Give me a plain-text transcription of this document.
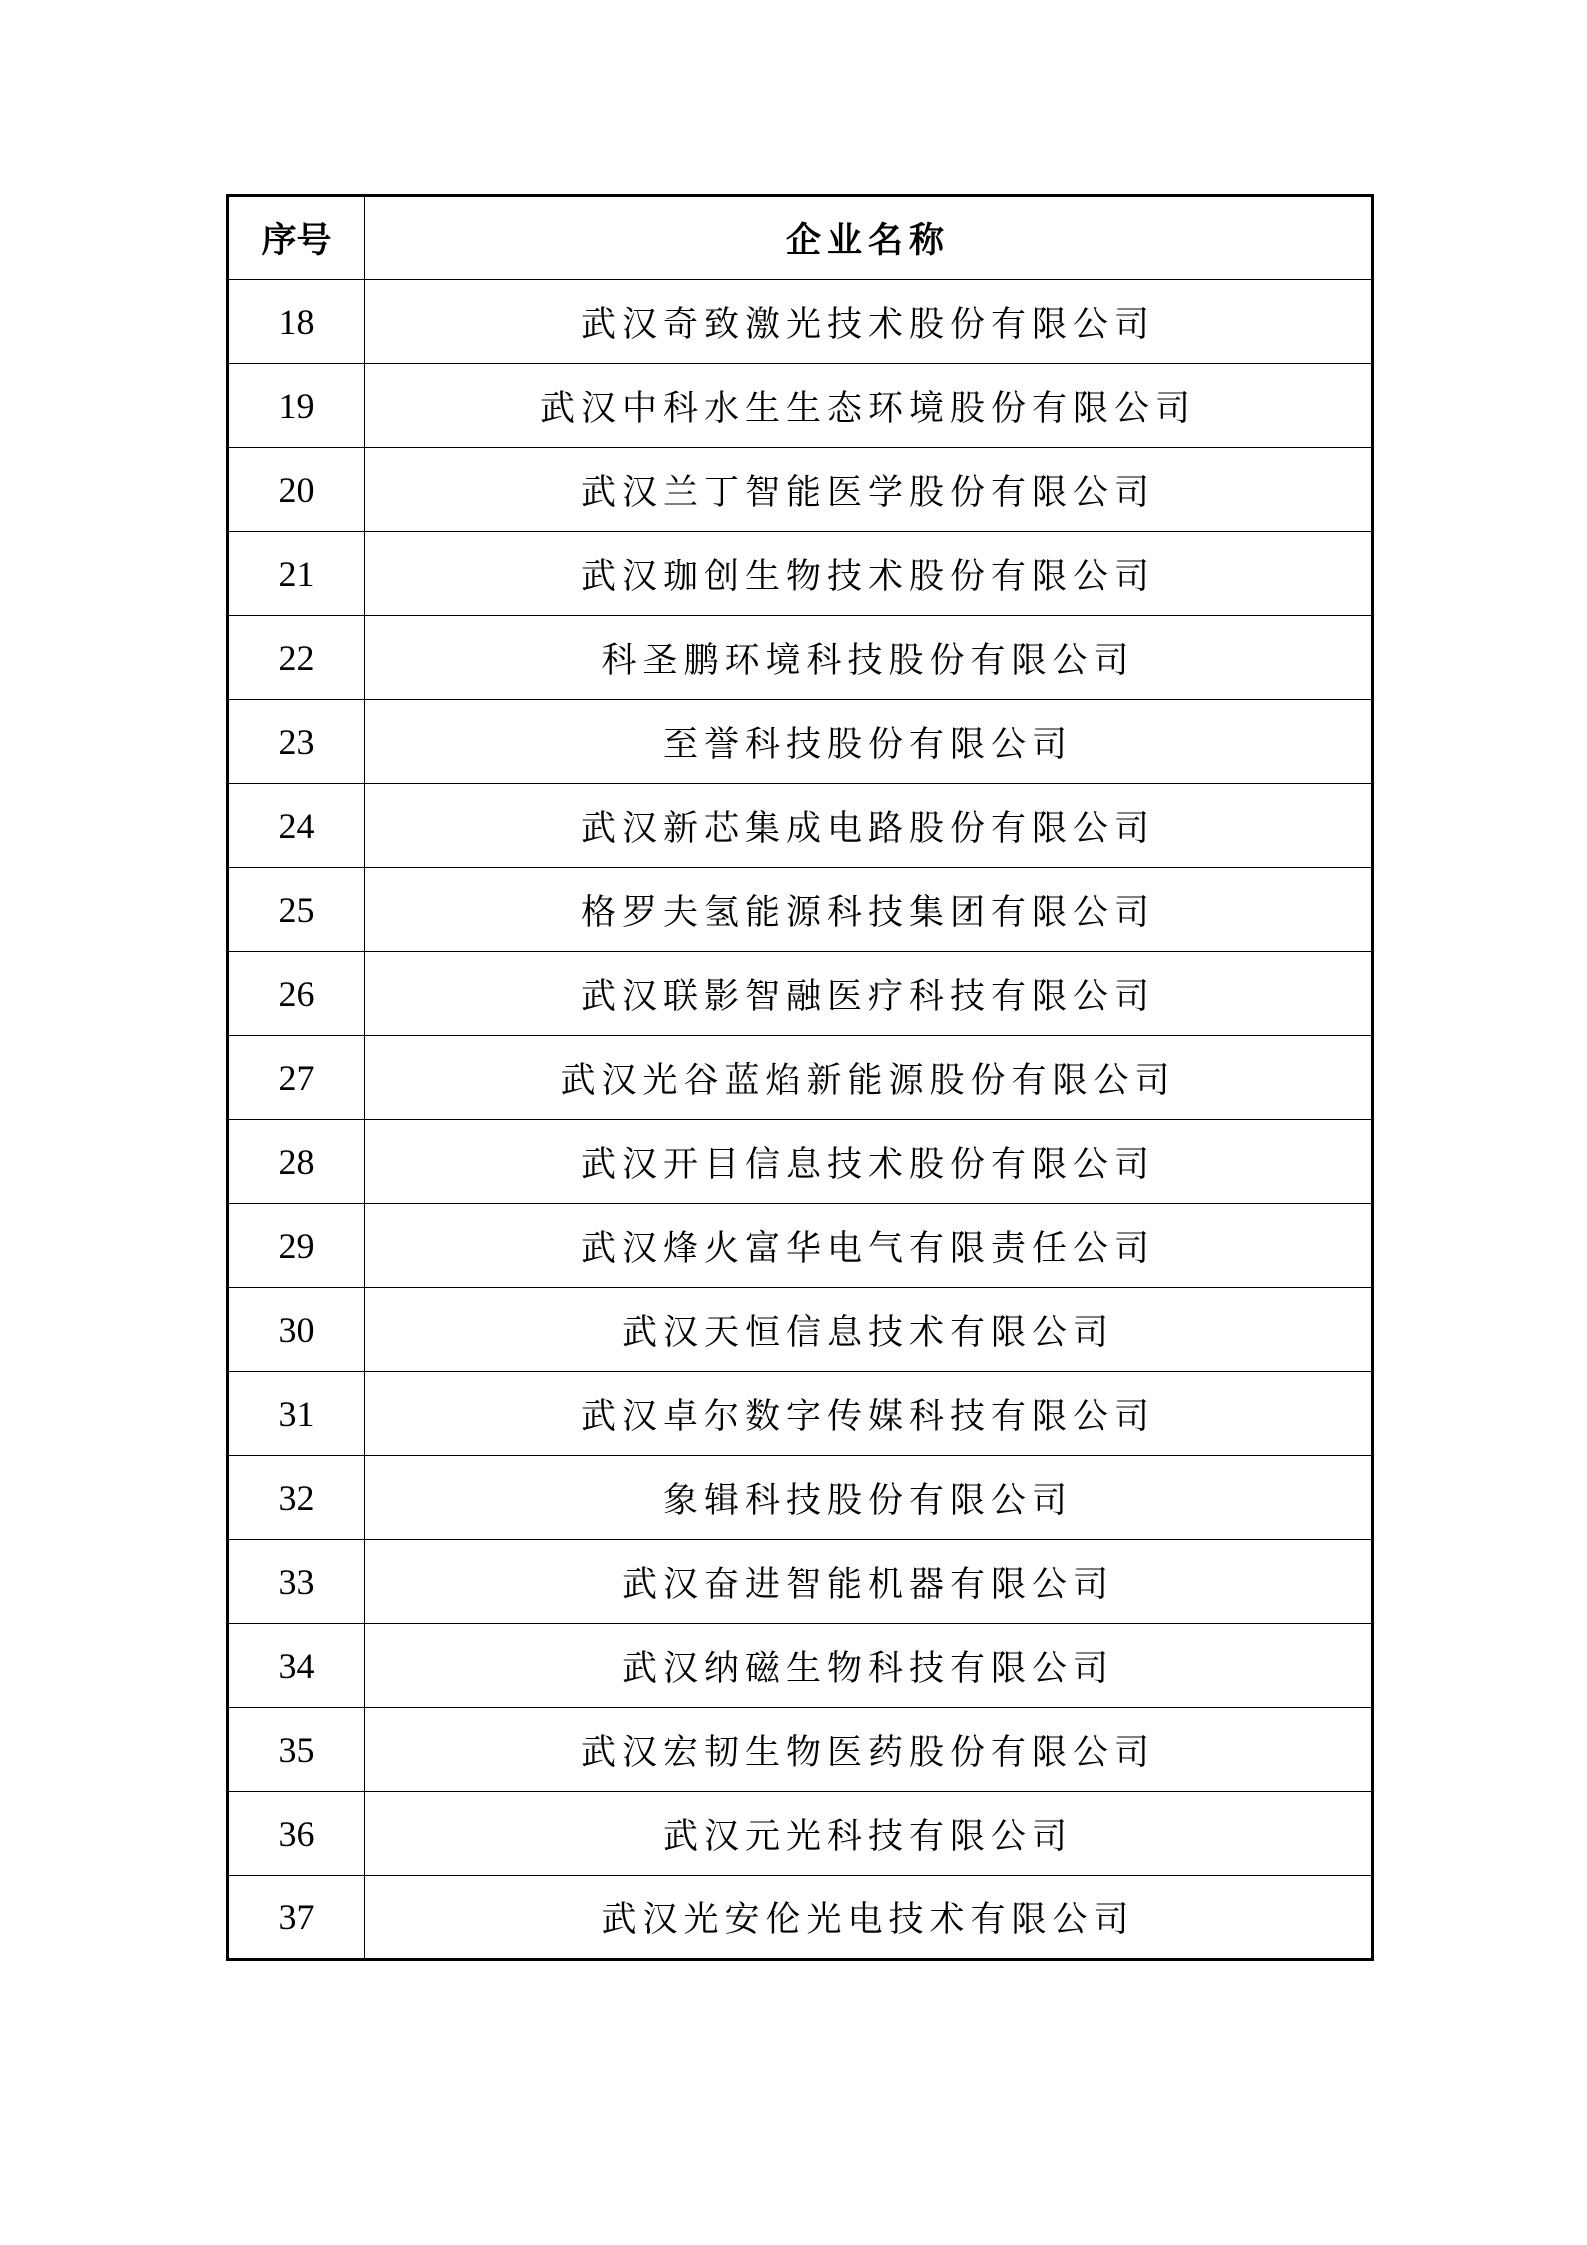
序号	企业名称
18	武汉奇致激光技术股份有限公司
19	武汉中科水生生态环境股份有限公司
20	武汉兰丁智能医学股份有限公司
21	武汉珈创生物技术股份有限公司
22	科圣鹏环境科技股份有限公司
23	至誉科技股份有限公司
24	武汉新芯集成电路股份有限公司
25	格罗夫氢能源科技集团有限公司
26	武汉联影智融医疗科技有限公司
27	武汉光谷蓝焰新能源股份有限公司
28	武汉开目信息技术股份有限公司
29	武汉烽火富华电气有限责任公司
30	武汉天恒信息技术有限公司
31	武汉卓尔数字传媒科技有限公司
32	象辑科技股份有限公司
33	武汉奋进智能机器有限公司
34	武汉纳磁生物科技有限公司
35	武汉宏韧生物医药股份有限公司
36	武汉元光科技有限公司
37	武汉光安伦光电技术有限公司
